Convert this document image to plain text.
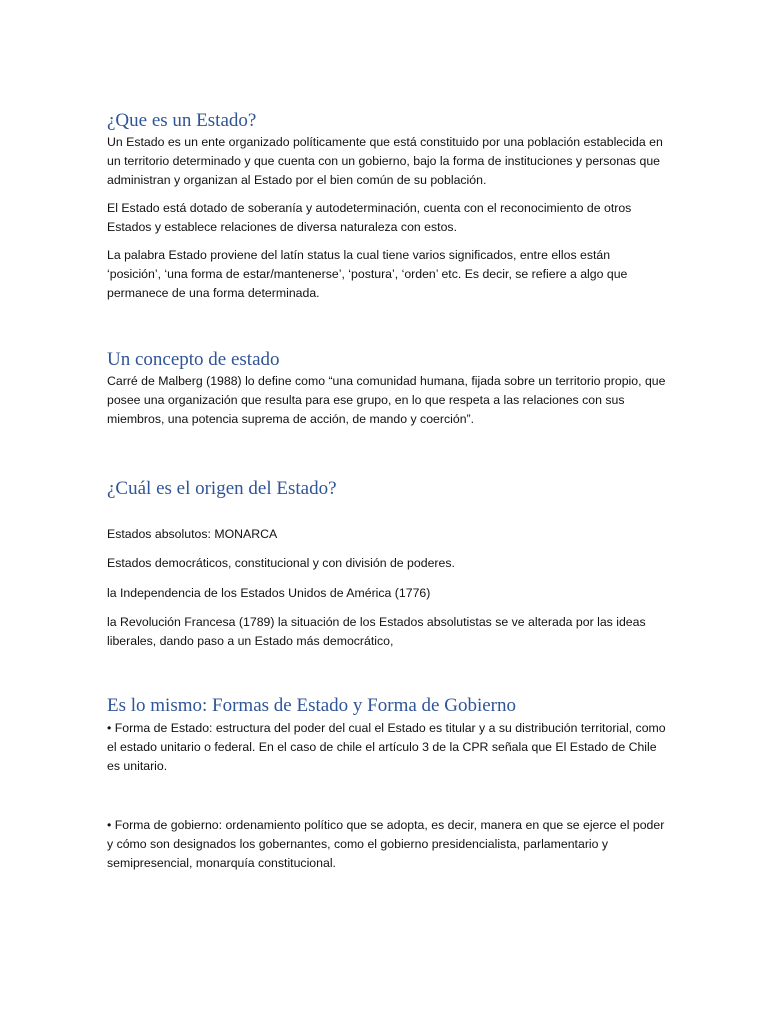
¿Que es un Estado?

Un Estado es un ente organizado políticamente que está constituido por una población establecida en un territorio determinado y que cuenta con un gobierno, bajo la forma de instituciones y personas que administran y organizan al Estado por el bien común de su población.

El Estado está dotado de soberanía y autodeterminación, cuenta con el reconocimiento de otros Estados y establece relaciones de diversa naturaleza con estos.

La palabra Estado proviene del latín status la cual tiene varios significados, entre ellos están ‘posición’, ‘una forma de estar/mantenerse’, ‘postura’, ‘orden’ etc. Es decir, se refiere a algo que permanece de una forma determinada.

Un concepto de estado

Carré de Malberg (1988) lo define como “una comunidad humana, fijada sobre un territorio propio, que posee una organización que resulta para ese grupo, en lo que respeta a las relaciones con sus miembros, una potencia suprema de acción, de mando y coerción”.

¿Cuál es el origen del Estado?

Estados absolutos: MONARCA

Estados democráticos, constitucional y con división de poderes.

la Independencia de los Estados Unidos de América (1776)

la Revolución Francesa (1789) la situación de los Estados absolutistas se ve alterada por las ideas liberales, dando paso a un Estado más democrático,

Es lo mismo: Formas de Estado y Forma de Gobierno

• Forma de Estado: estructura del poder del cual el Estado es titular y a su distribución territorial, como el estado unitario o federal. En el caso de chile el artículo 3 de la CPR señala que El Estado de Chile es unitario.

• Forma de gobierno: ordenamiento político que se adopta, es decir, manera en que se ejerce el poder y cómo son designados los gobernantes, como el gobierno presidencialista, parlamentario y semipresencial, monarquía constitucional.
